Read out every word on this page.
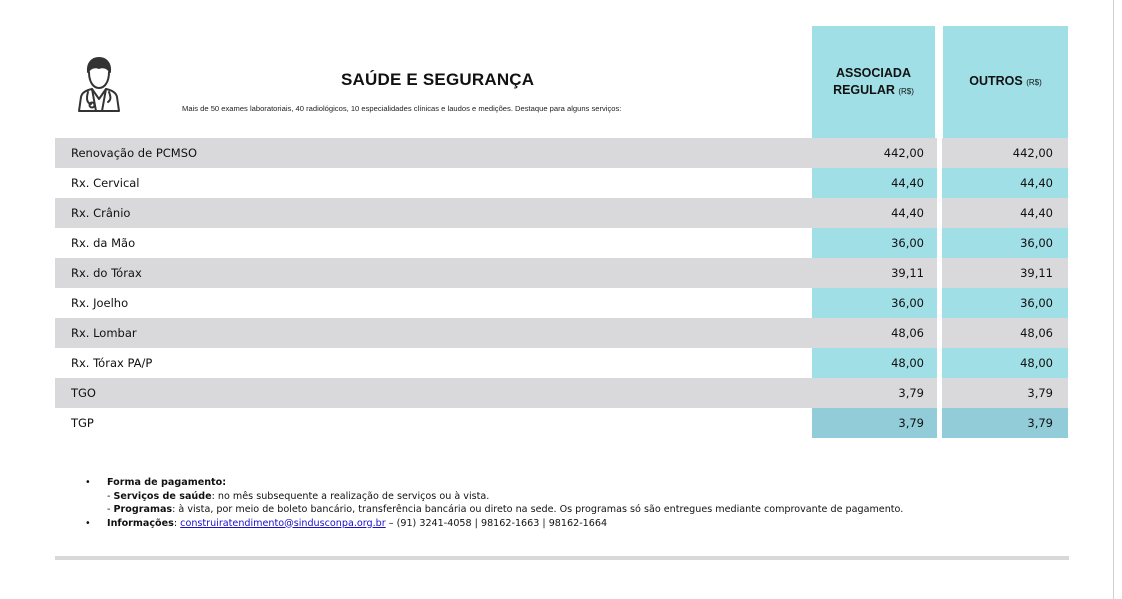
SAÚDE E SEGURANÇA
Mais de 50 exames laboratoriais, 40 radiológicos, 10 especialidades clínicas e laudos e medições. Destaque para alguns serviços:
ASSOCIADA
REGULAR (R$)
OUTROS (R$)
Renovação de PCMSO	442,00	442,00
Rx. Cervical	44,40	44,40
Rx. Crânio	44,40	44,40
Rx. da Mão	36,00	36,00
Rx. do Tórax	39,11	39,11
Rx. Joelho	36,00	36,00
Rx. Lombar	48,06	48,06
Rx. Tórax PA/P	48,00	48,00
TGO	3,79	3,79
TGP	3,79	3,79
• Forma de pagamento:
- Serviços de saúde: no mês subsequente a realização de serviços ou à vista.
- Programas: à vista, por meio de boleto bancário, transferência bancária ou direto na sede. Os programas só são entregues mediante comprovante de pagamento.
• Informações: construiratendimento@sindusconpa.org.br – (91) 3241-4058 | 98162-1663 | 98162-1664
